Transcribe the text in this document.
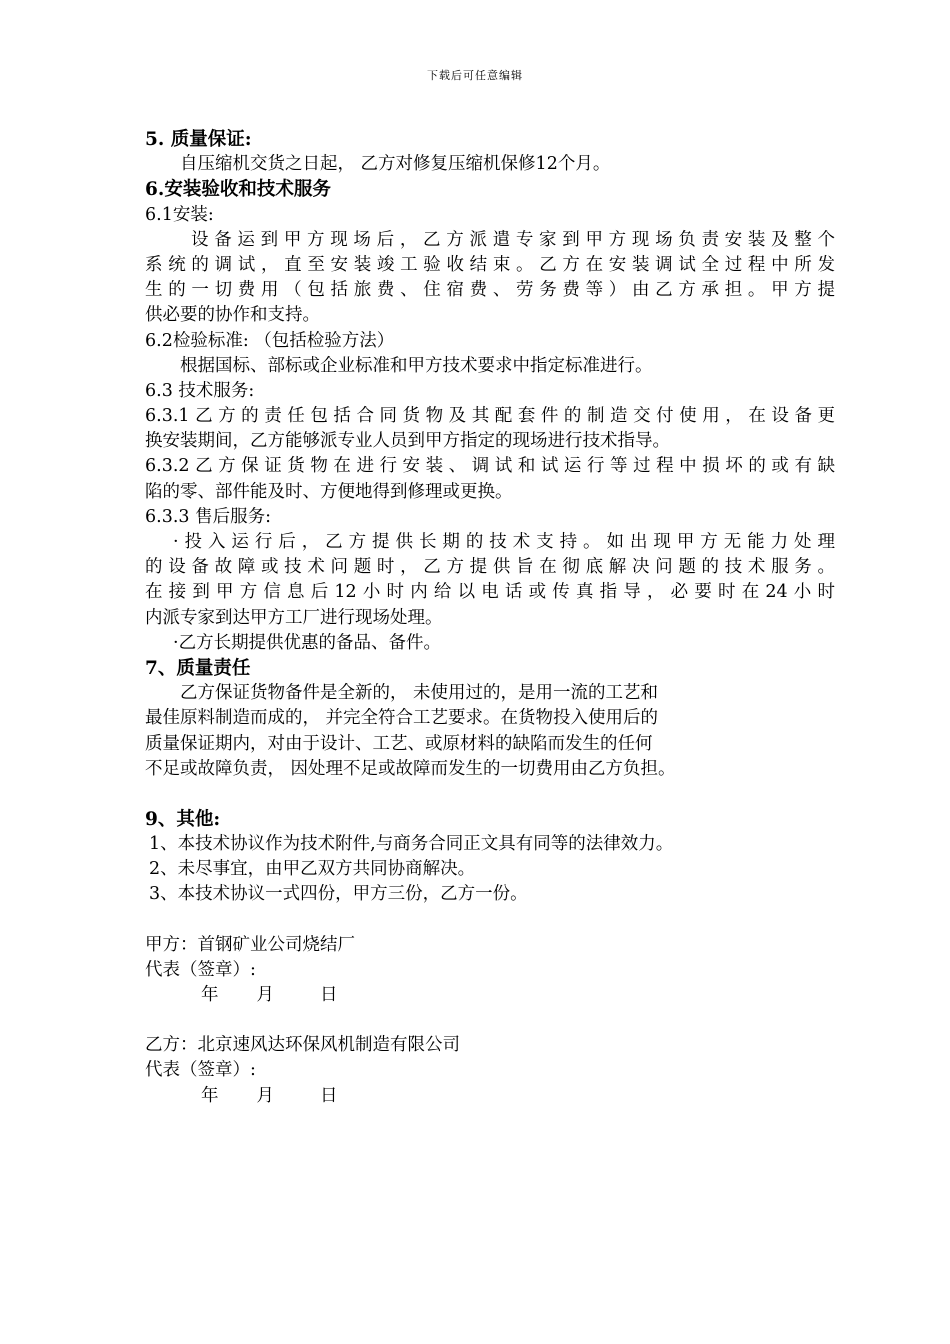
下载后可任意编辑
5. 质量保证:
自压缩机交货之日起， 乙方对修复压缩机保修12个月。
6.安装验收和技术服务
6.1安装:
设备运到甲方现场后，乙方派遣专家到甲方现场负责安装及整个
系统的调试，直至安装竣工验收结束。乙方在安装调试全过程中所发
生的一切费用（包括旅费、住宿费、劳务费等）由乙方承担。甲方提
供必要的协作和支持。
6.2检验标准: （包括检验方法）
根据国标、部标或企业标准和甲方技术要求中指定标准进行。
6.3 技术服务:
6.3.1乙方的责任包括合同货物及其配套件的制造交付使用，在设备更
换安装期间，乙方能够派专业人员到甲方指定的现场进行技术指导。
6.3.2乙方保证货物在进行安装、调试和试运行等过程中损坏的或有缺
陷的零、部件能及时、方便地得到修理或更换。
6.3.3 售后服务:
·投入运行后，乙方提供长期的技术支持。如出现甲方无能力处理
的设备故障或技术问题时，乙方提供旨在彻底解决问题的技术服务。
在接到甲方信息后12小时内给以电话或传真指导，必要时在24小时
内派专家到达甲方工厂进行现场处理。
·乙方长期提供优惠的备品、备件。
7、质量责任
乙方保证货物备件是全新的， 未使用过的，是用一流的工艺和
最佳原料制造而成的， 并完全符合工艺要求。在货物投入使用后的
质量保证期内，对由于设计、工艺、或原材料的缺陷而发生的任何
不足或故障负责， 因处理不足或故障而发生的一切费用由乙方负担。
9、其他:
1、本技术协议作为技术附件,与商务合同正文具有同等的法律效力。
2、未尽事宜，由甲乙双方共同协商解决。
3、本技术协议一式四份，甲方三份，乙方一份。
甲方：首钢矿业公司烧结厂
代表（签章）:
年 月	日
乙方：北京速风达环保风机制造有限公司
代表（签章）:
年 月	日
